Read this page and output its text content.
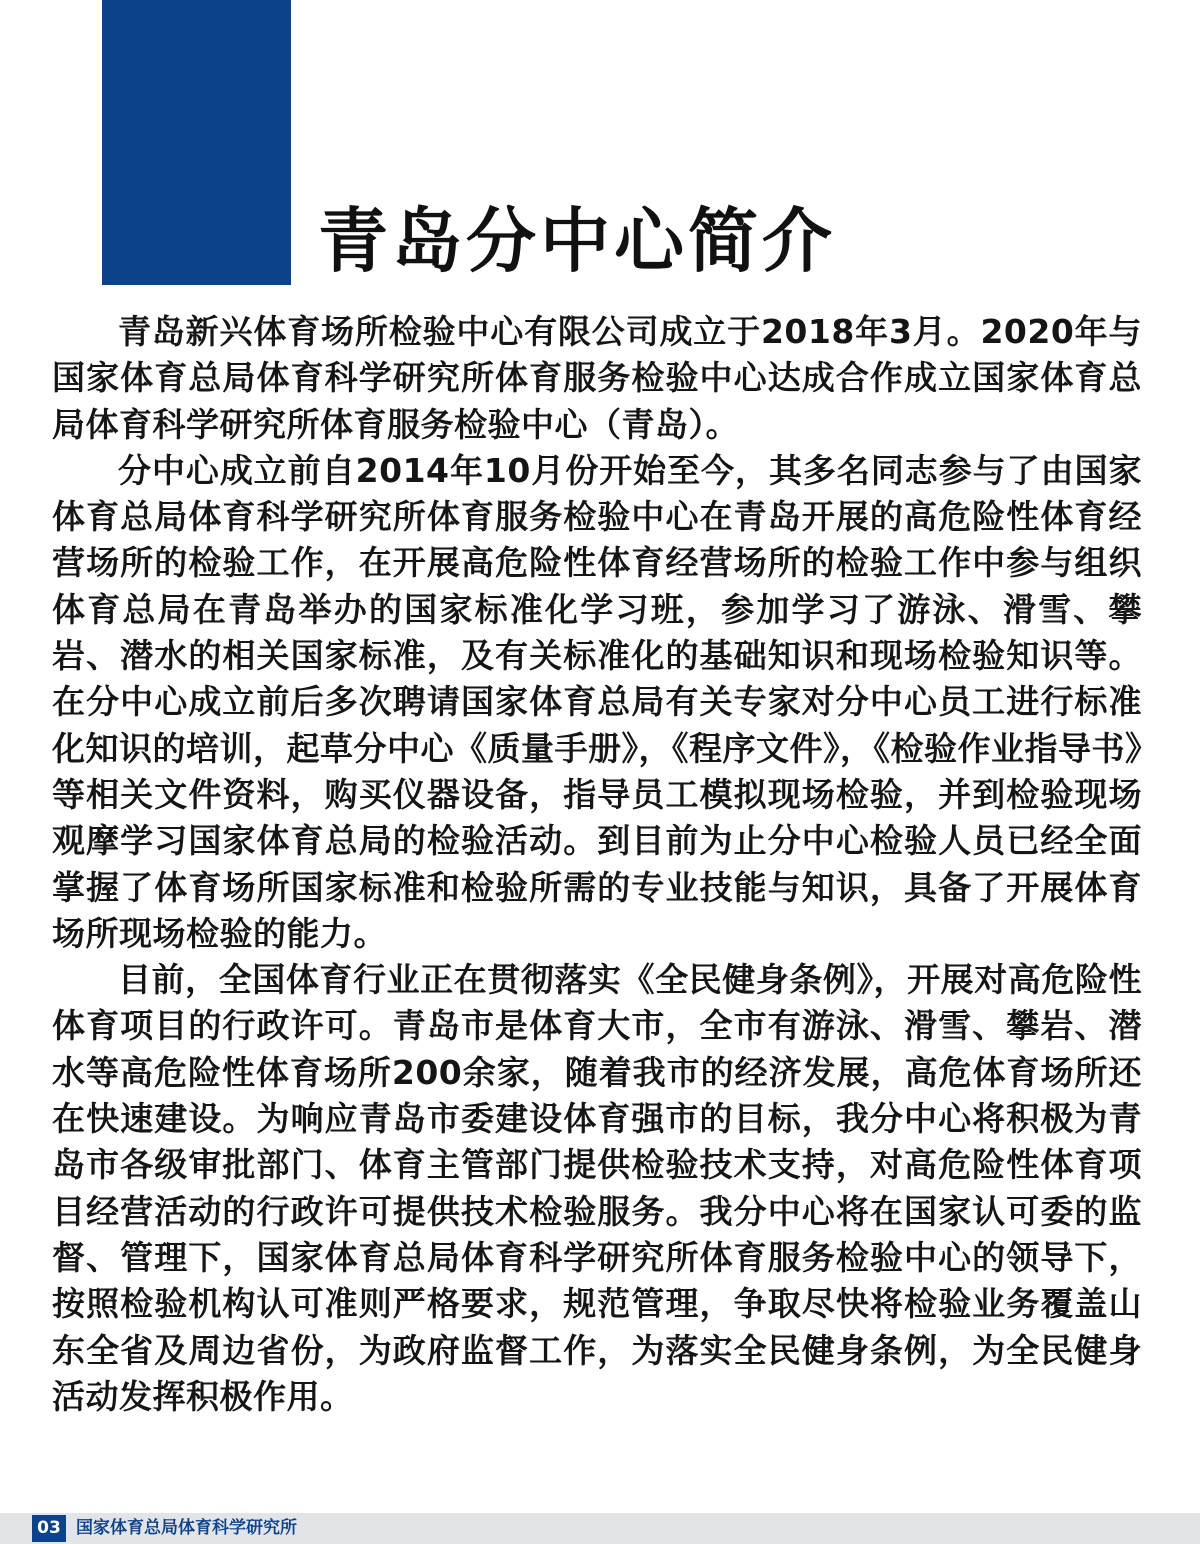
青岛分中心简介

青岛新兴体育场所检验中心有限公司成立于2018年3月。2020年与国家体育总局体育科学研究所体育服务检验中心达成合作成立国家体育总局体育科学研究所体育服务检验中心（青岛）。

分中心成立前自2014年10月份开始至今，其多名同志参与了由国家体育总局体育科学研究所体育服务检验中心在青岛开展的高危险性体育经营场所的检验工作，在开展高危险性体育经营场所的检验工作中参与组织体育总局在青岛举办的国家标准化学习班，参加学习了游泳、滑雪、攀岩、潜水的相关国家标准，及有关标准化的基础知识和现场检验知识等。在分中心成立前后多次聘请国家体育总局有关专家对分中心员工进行标准化知识的培训，起草分中心《质量手册》，《程序文件》，《检验作业指导书》等相关文件资料，购买仪器设备，指导员工模拟现场检验，并到检验现场观摩学习国家体育总局的检验活动。到目前为止分中心检验人员已经全面掌握了体育场所国家标准和检验所需的专业技能与知识，具备了开展体育场所现场检验的能力。

目前，全国体育行业正在贯彻落实《全民健身条例》，开展对高危险性体育项目的行政许可。青岛市是体育大市，全市有游泳、滑雪、攀岩、潜水等高危险性体育场所200余家，随着我市的经济发展，高危体育场所还在快速建设。为响应青岛市委建设体育强市的目标，我分中心将积极为青岛市各级审批部门、体育主管部门提供检验技术支持，对高危险性体育项目经营活动的行政许可提供技术检验服务。我分中心将在国家认可委的监督、管理下，国家体育总局体育科学研究所体育服务检验中心的领导下，按照检验机构认可准则严格要求，规范管理，争取尽快将检验业务覆盖山东全省及周边省份，为政府监督工作，为落实全民健身条例，为全民健身活动发挥积极作用。

03 国家体育总局体育科学研究所
